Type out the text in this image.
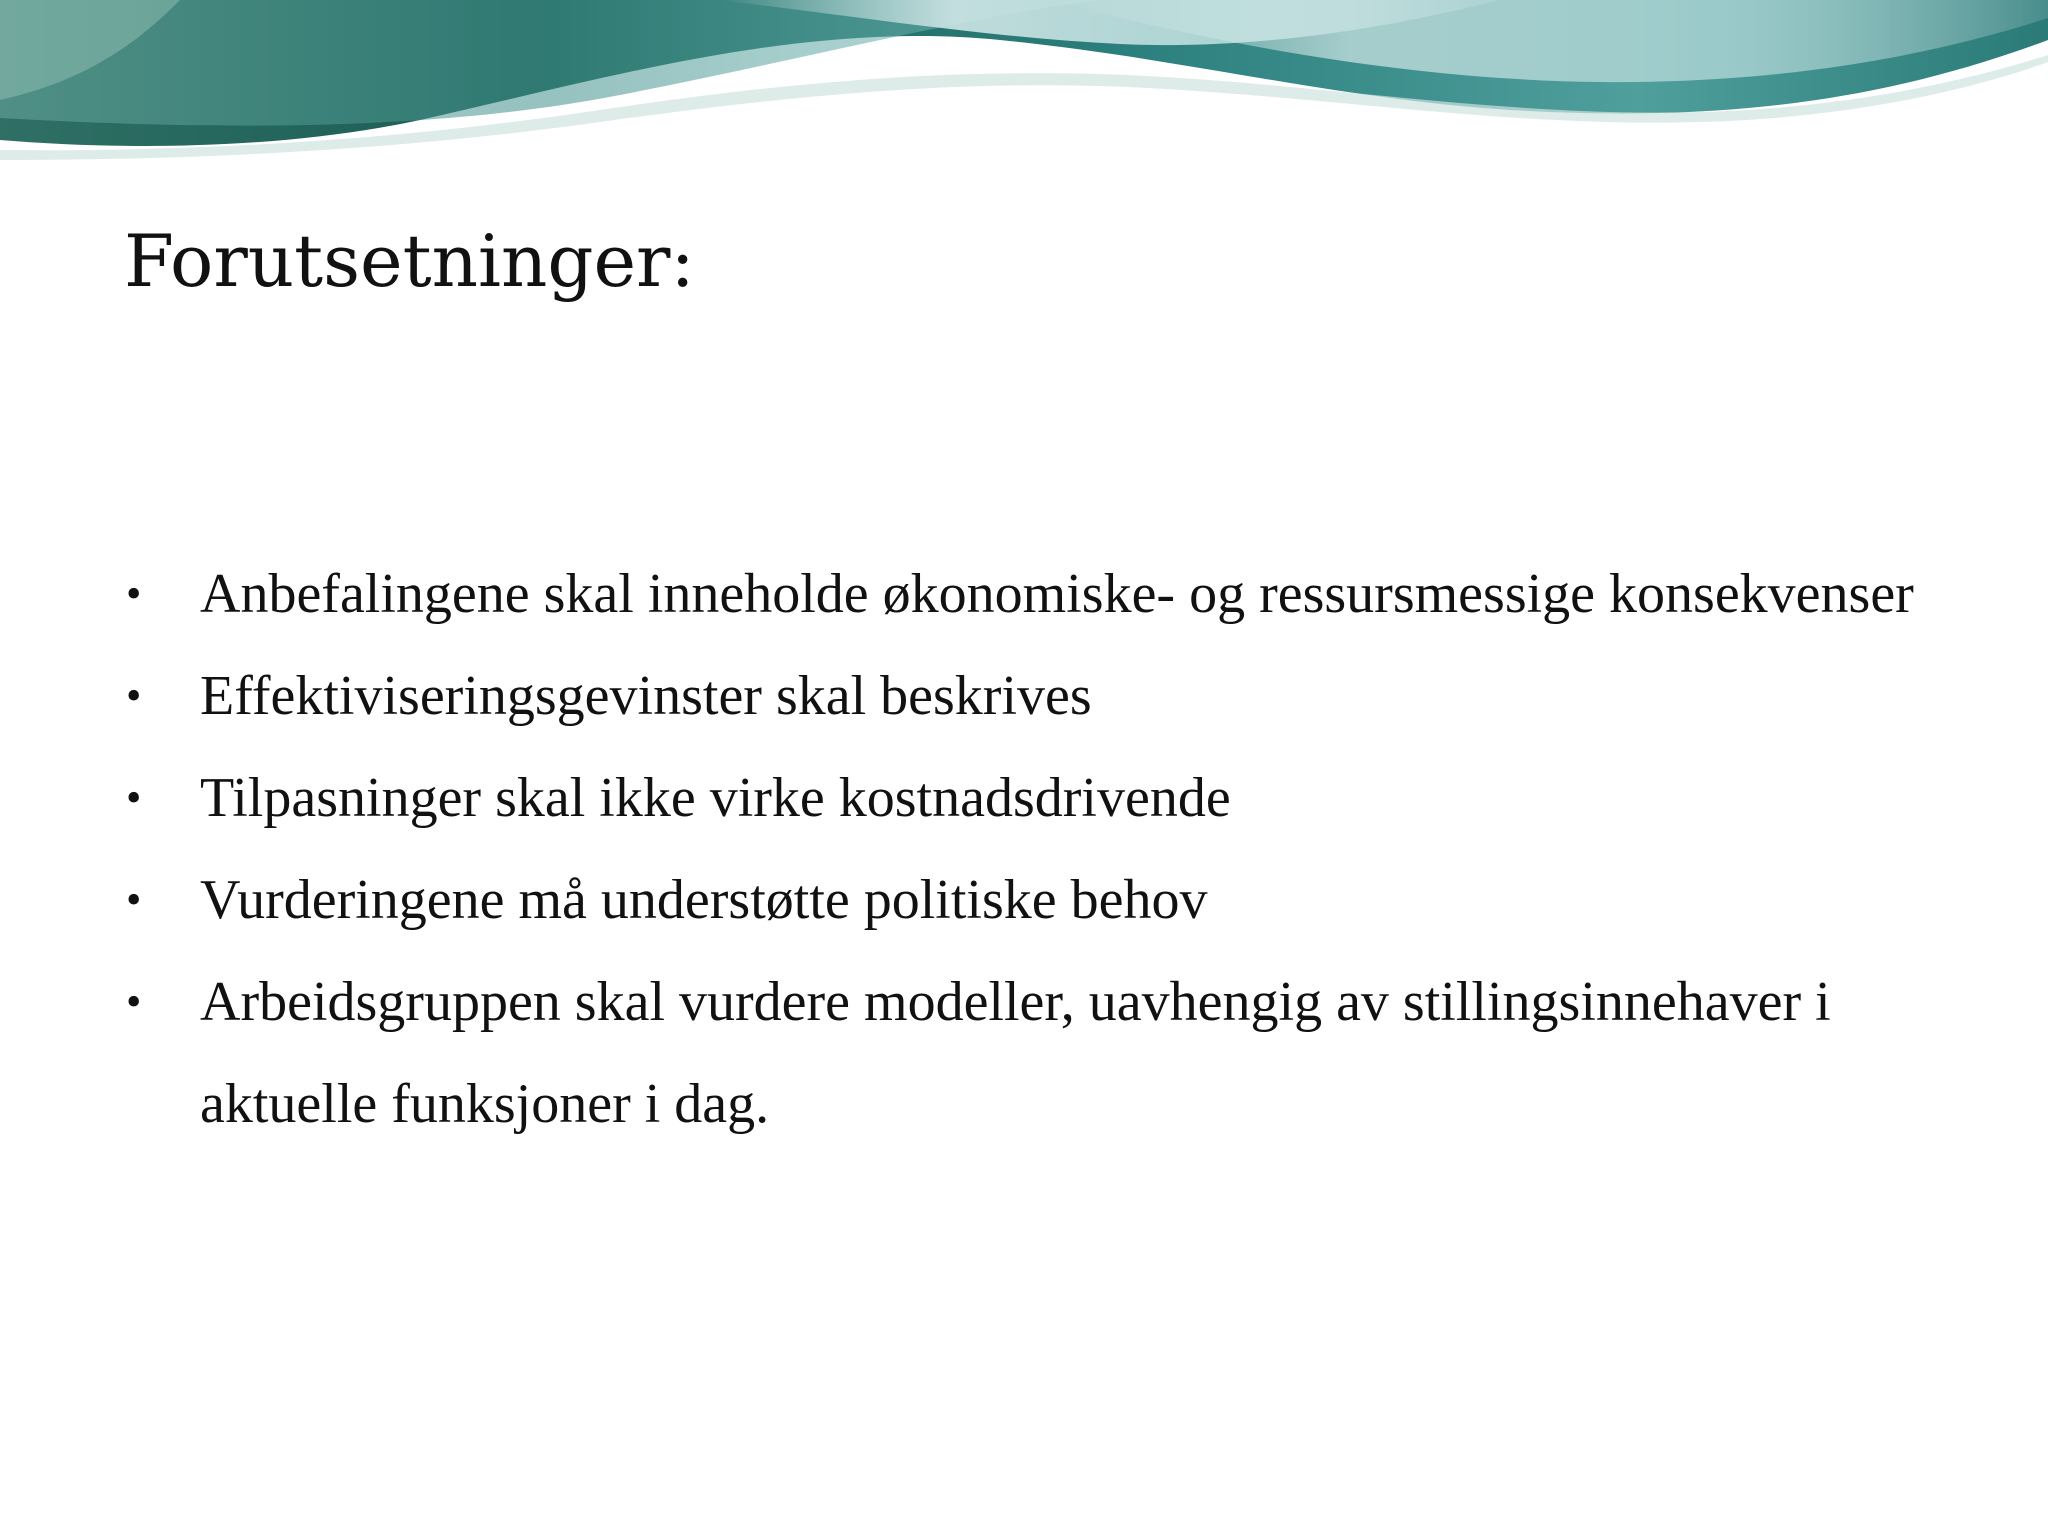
Forutsetninger:
• Anbefalingene skal inneholde økonomiske- og ressursmessige konsekvenser
• Effektiviseringsgevinster skal beskrives
• Tilpasninger skal ikke virke kostnadsdrivende
• Vurderingene må understøtte politiske behov
• Arbeidsgruppen skal vurdere modeller, uavhengig av stillingsinnehaver i aktuelle funksjoner i dag.
